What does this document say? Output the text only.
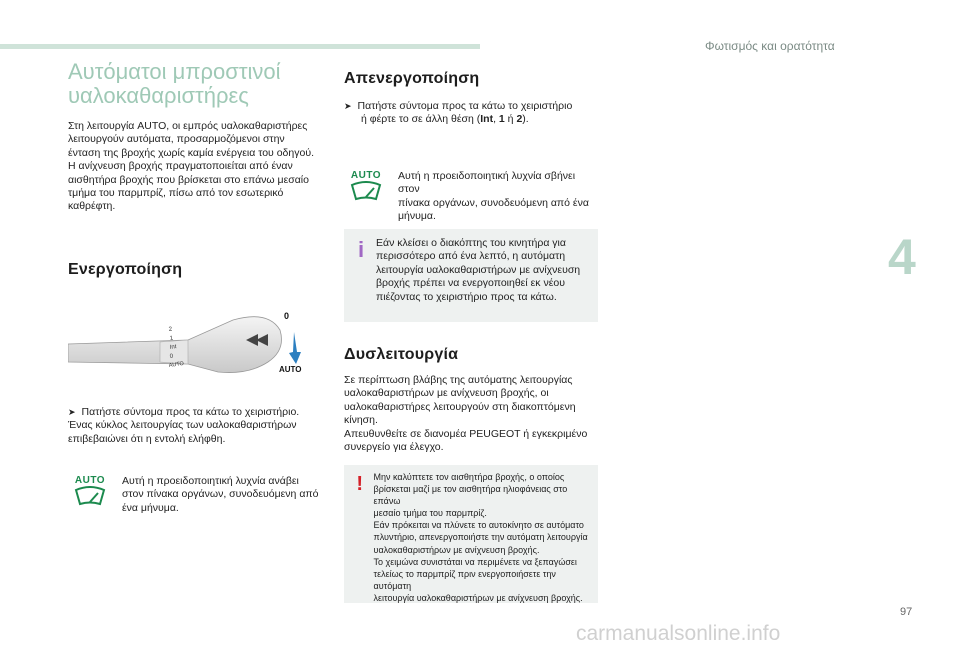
Φωτισμός και ορατότητα
4
Αυτόματοι μπροστινοί
υαλοκαθαριστήρες

Στη λειτουργία AUTO, οι εμπρός υαλοκαθαριστήρες

λειτουργούν αυτόματα, προσαρμοζόμενοι στην

ένταση της βροχής χωρίς καμία ενέργεια του οδηγού.

Η ανίχνευση βροχής πραγματοποιείται από έναν

αισθητήρα βροχής που βρίσκεται στο επάνω μεσαίο

τμήμα του παρμπρίζ, πίσω από τον εσωτερικό

καθρέφτη.

Ενεργοποίηση
2
1
Int
0
AUTO
0
AUTO

➤ Πατήστε σύντομα προς τα κάτω το χειριστήριο.

Ένας κύκλος λειτουργίας των υαλοκαθαριστήρων

επιβεβαιώνει ότι η εντολή ελήφθη.

AUTO Αυτή η προειδοποιητική λυχνία ανάβει
στον πίνακα οργάνων, συνοδευόμενη από
ένα μήνυμα.
Απενεργοποίηση

➤ Πατήστε σύντομα προς τα κάτω το χειριστήριο

ή φέρτε το σε άλλη θέση (Int, 1 ή 2).

AUTO Αυτή η προειδοποιητική λυχνία σβήνει στον
πίνακα οργάνων, συνοδευόμενη από ένα
μήνυμα.
i	Εάν κλείσει ο διακόπτης του κινητήρα για
περισσότερο από ένα λεπτό, η αυτόματη
λειτουργία υαλοκαθαριστήρων με ανίχνευση
βροχής πρέπει να ενεργοποιηθεί εκ νέου
πιέζοντας το χειριστήριο προς τα κάτω.
Δυσλειτουργία

Σε περίπτωση βλάβης της αυτόματης λειτουργίας

υαλοκαθαριστήρων με ανίχνευση βροχής, οι

υαλοκαθαριστήρες λειτουργούν στη διακοπτόμενη

κίνηση.

Απευθυνθείτε σε διανομέα PEUGEOT ή εγκεκριμένο

συνεργείο για έλεγχο.

!	Μην καλύπτετε τον αισθητήρα βροχής, ο οποίος
βρίσκεται μαζί με τον αισθητήρα ηλιοφάνειας στο επάνω
μεσαίο τμήμα του παρμπρίζ.
Εάν πρόκειται να πλύνετε το αυτοκίνητο σε αυτόματο
πλυντήριο, απενεργοποιήστε την αυτόματη λειτουργία
υαλοκαθαριστήρων με ανίχνευση βροχής.
Το χειμώνα συνιστάται να περιμένετε να ξεπαγώσει
τελείως το παρμπρίζ πριν ενεργοποιήσετε την αυτόματη
λειτουργία υαλοκαθαριστήρων με ανίχνευση βροχής.
97
carmanualsonline.info
